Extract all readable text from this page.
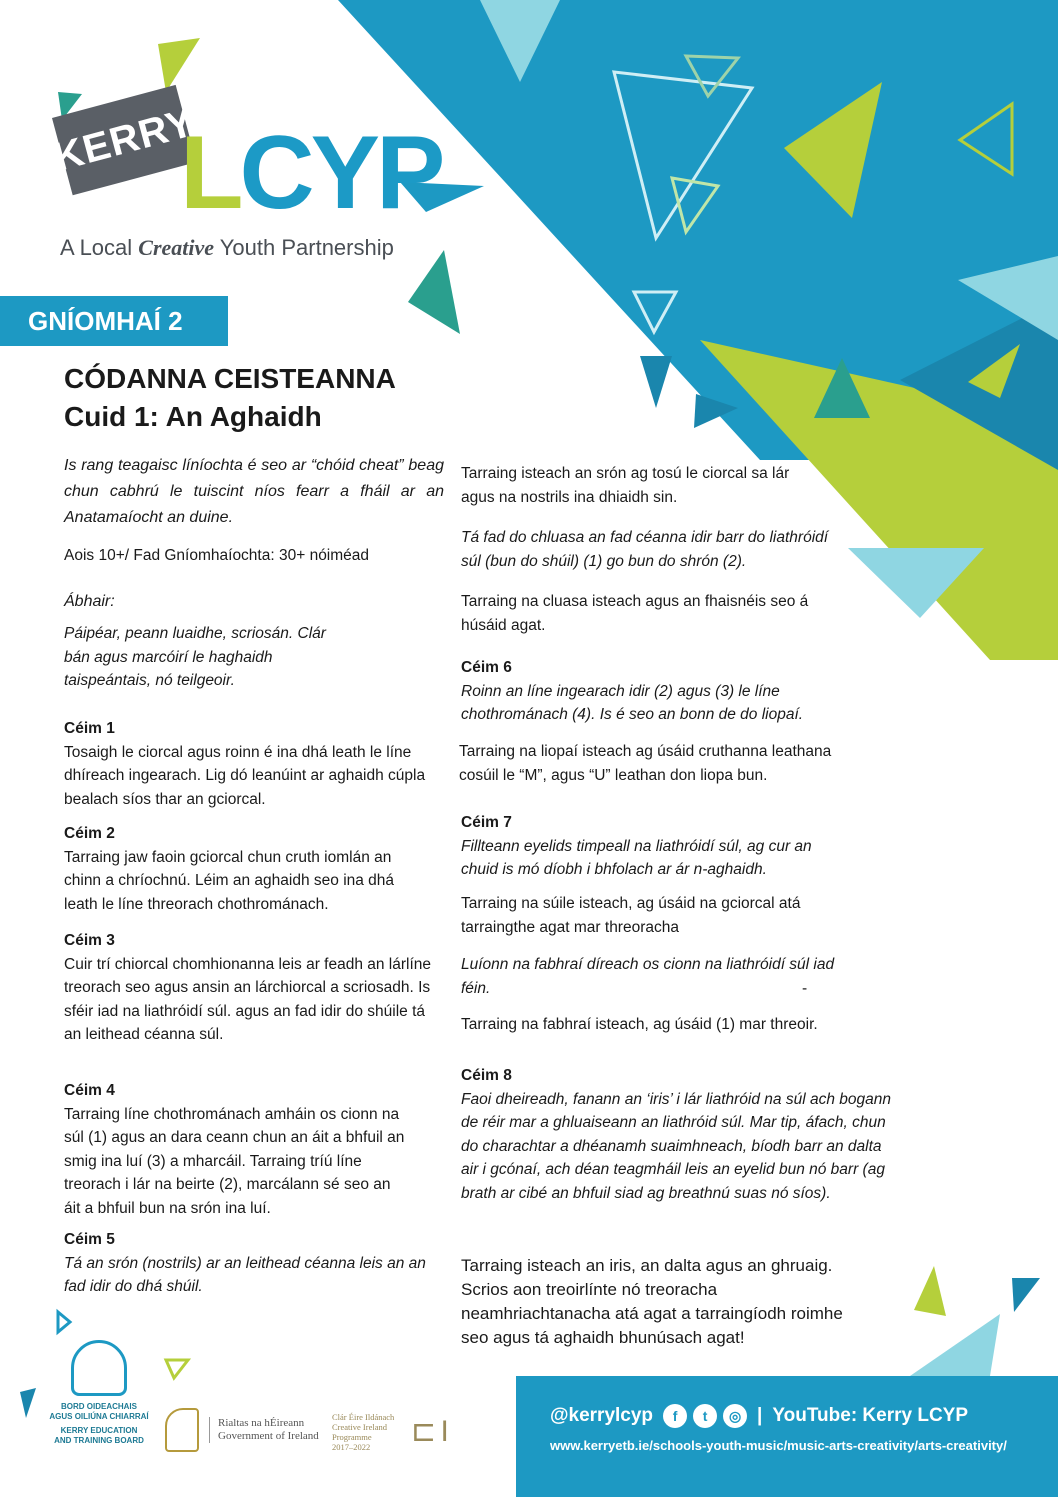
KERRY
LCYP
A Local Creative Youth Partnership
GNÍOMHAÍ 2
CÓDANNA CEISTEANNA
Cuid 1: An Aghaidh
Is rang teagaisc líníochta é seo ar “chóid cheat” beag chun cabhrú le tuiscint níos fearr a fháil ar an Anatamaíocht an duine.
Aois 10+/ Fad Gníomhaíochta: 30+ nóiméad
Ábhair:
Páipéar, peann luaidhe, scriosán. Clár bán agus marcóirí le haghaidh taispeántais, nó teilgeoir.
Céim 1
Tosaigh le ciorcal agus roinn é ina dhá leath le líne dhíreach ingearach. Lig dó leanúint ar aghaidh cúpla bealach síos thar an gciorcal.
Céim 2
Tarraing jaw faoin gciorcal chun cruth iomlán an chinn a chríochnú. Léim an aghaidh seo ina dhá leath le líne threorach chothrománach.
Céim 3
Cuir trí chiorcal chomhionanna leis ar feadh an lárlíne treorach seo agus ansin an lárchiorcal a scriosadh. Is sféir iad na liathróidí súl. agus an fad idir do shúile tá an leithead céanna súl.
Céim 4
Tarraing líne chothrománach amháin os cionn na súl (1) agus an dara ceann chun an áit a bhfuil an smig ina luí (3) a mharcáil. Tarraing tríú líne treorach i lár na beirte (2), marcálann sé seo an áit a bhfuil bun na srón ina luí.
Céim 5
Tá an srón (nostrils) ar an leithead céanna leis an an fad idir do dhá shúil.
Tarraing isteach an srón ag tosú le ciorcal sa lár agus na nostrils ina dhiaidh sin.
Tá fad do chluasa an fad céanna idir barr do liathróidí súl (bun do shúil) (1) go bun do shrón (2).
Tarraing na cluasa isteach agus an fhaisnéis seo á húsáid agat.
Céim 6
Roinn an líne ingearach idir (2) agus (3) le líne chothrománach (4). Is é seo an bonn de do liopaí.
Tarraing na liopaí isteach ag úsáid cruthanna leathana cosúil le “M”, agus “U” leathan don liopa bun.
Céim 7
Fillteann eyelids timpeall na liathróidí súl, ag cur an chuid is mó díobh i bhfolach ar ár n-aghaidh.
Tarraing na súile isteach, ag úsáid na gciorcal atá tarraingthe agat mar threoracha
Luíonn na fabhraí díreach os cionn na liathróidí súl iad féin.	-
Tarraing na fabhraí isteach, ag úsáid (1) mar threoir.
Céim 8
Faoi dheireadh, fanann an ‘iris’ i lár liathróid na súl ach bogann de réir mar a ghluaiseann an liathróid súl. Mar tip, áfach, chun do charachtar a dhéanamh suaimhneach, bíodh barr an dalta air i gcónaí, ach déan teagmháil leis an eyelid bun nó barr (ag brath ar cibé an bhfuil siad ag breathnú suas nó síos).
Tarraing isteach an iris, an dalta agus an ghruaig. Scrios aon treoirlínte nó treoracha neamhriachtanacha atá agat a tarraingíodh roimhe seo agus tá aghaidh bhunúsach agat!
BORD OIDEACHAIS
AGUS OILIÚNA CHIARRAÍ
KERRY EDUCATION
AND TRAINING BOARD
Rialtas na hÉireann
Government of Ireland
Clár Éire Ildánach
Creative Ireland
Programme
2017–2022	⊏ I	@kerrylcyp	f	t	◎ | YouTube: Kerry LCYP
www.kerryetb.ie/schools-youth-music/music-arts-creativity/arts-creativity/
